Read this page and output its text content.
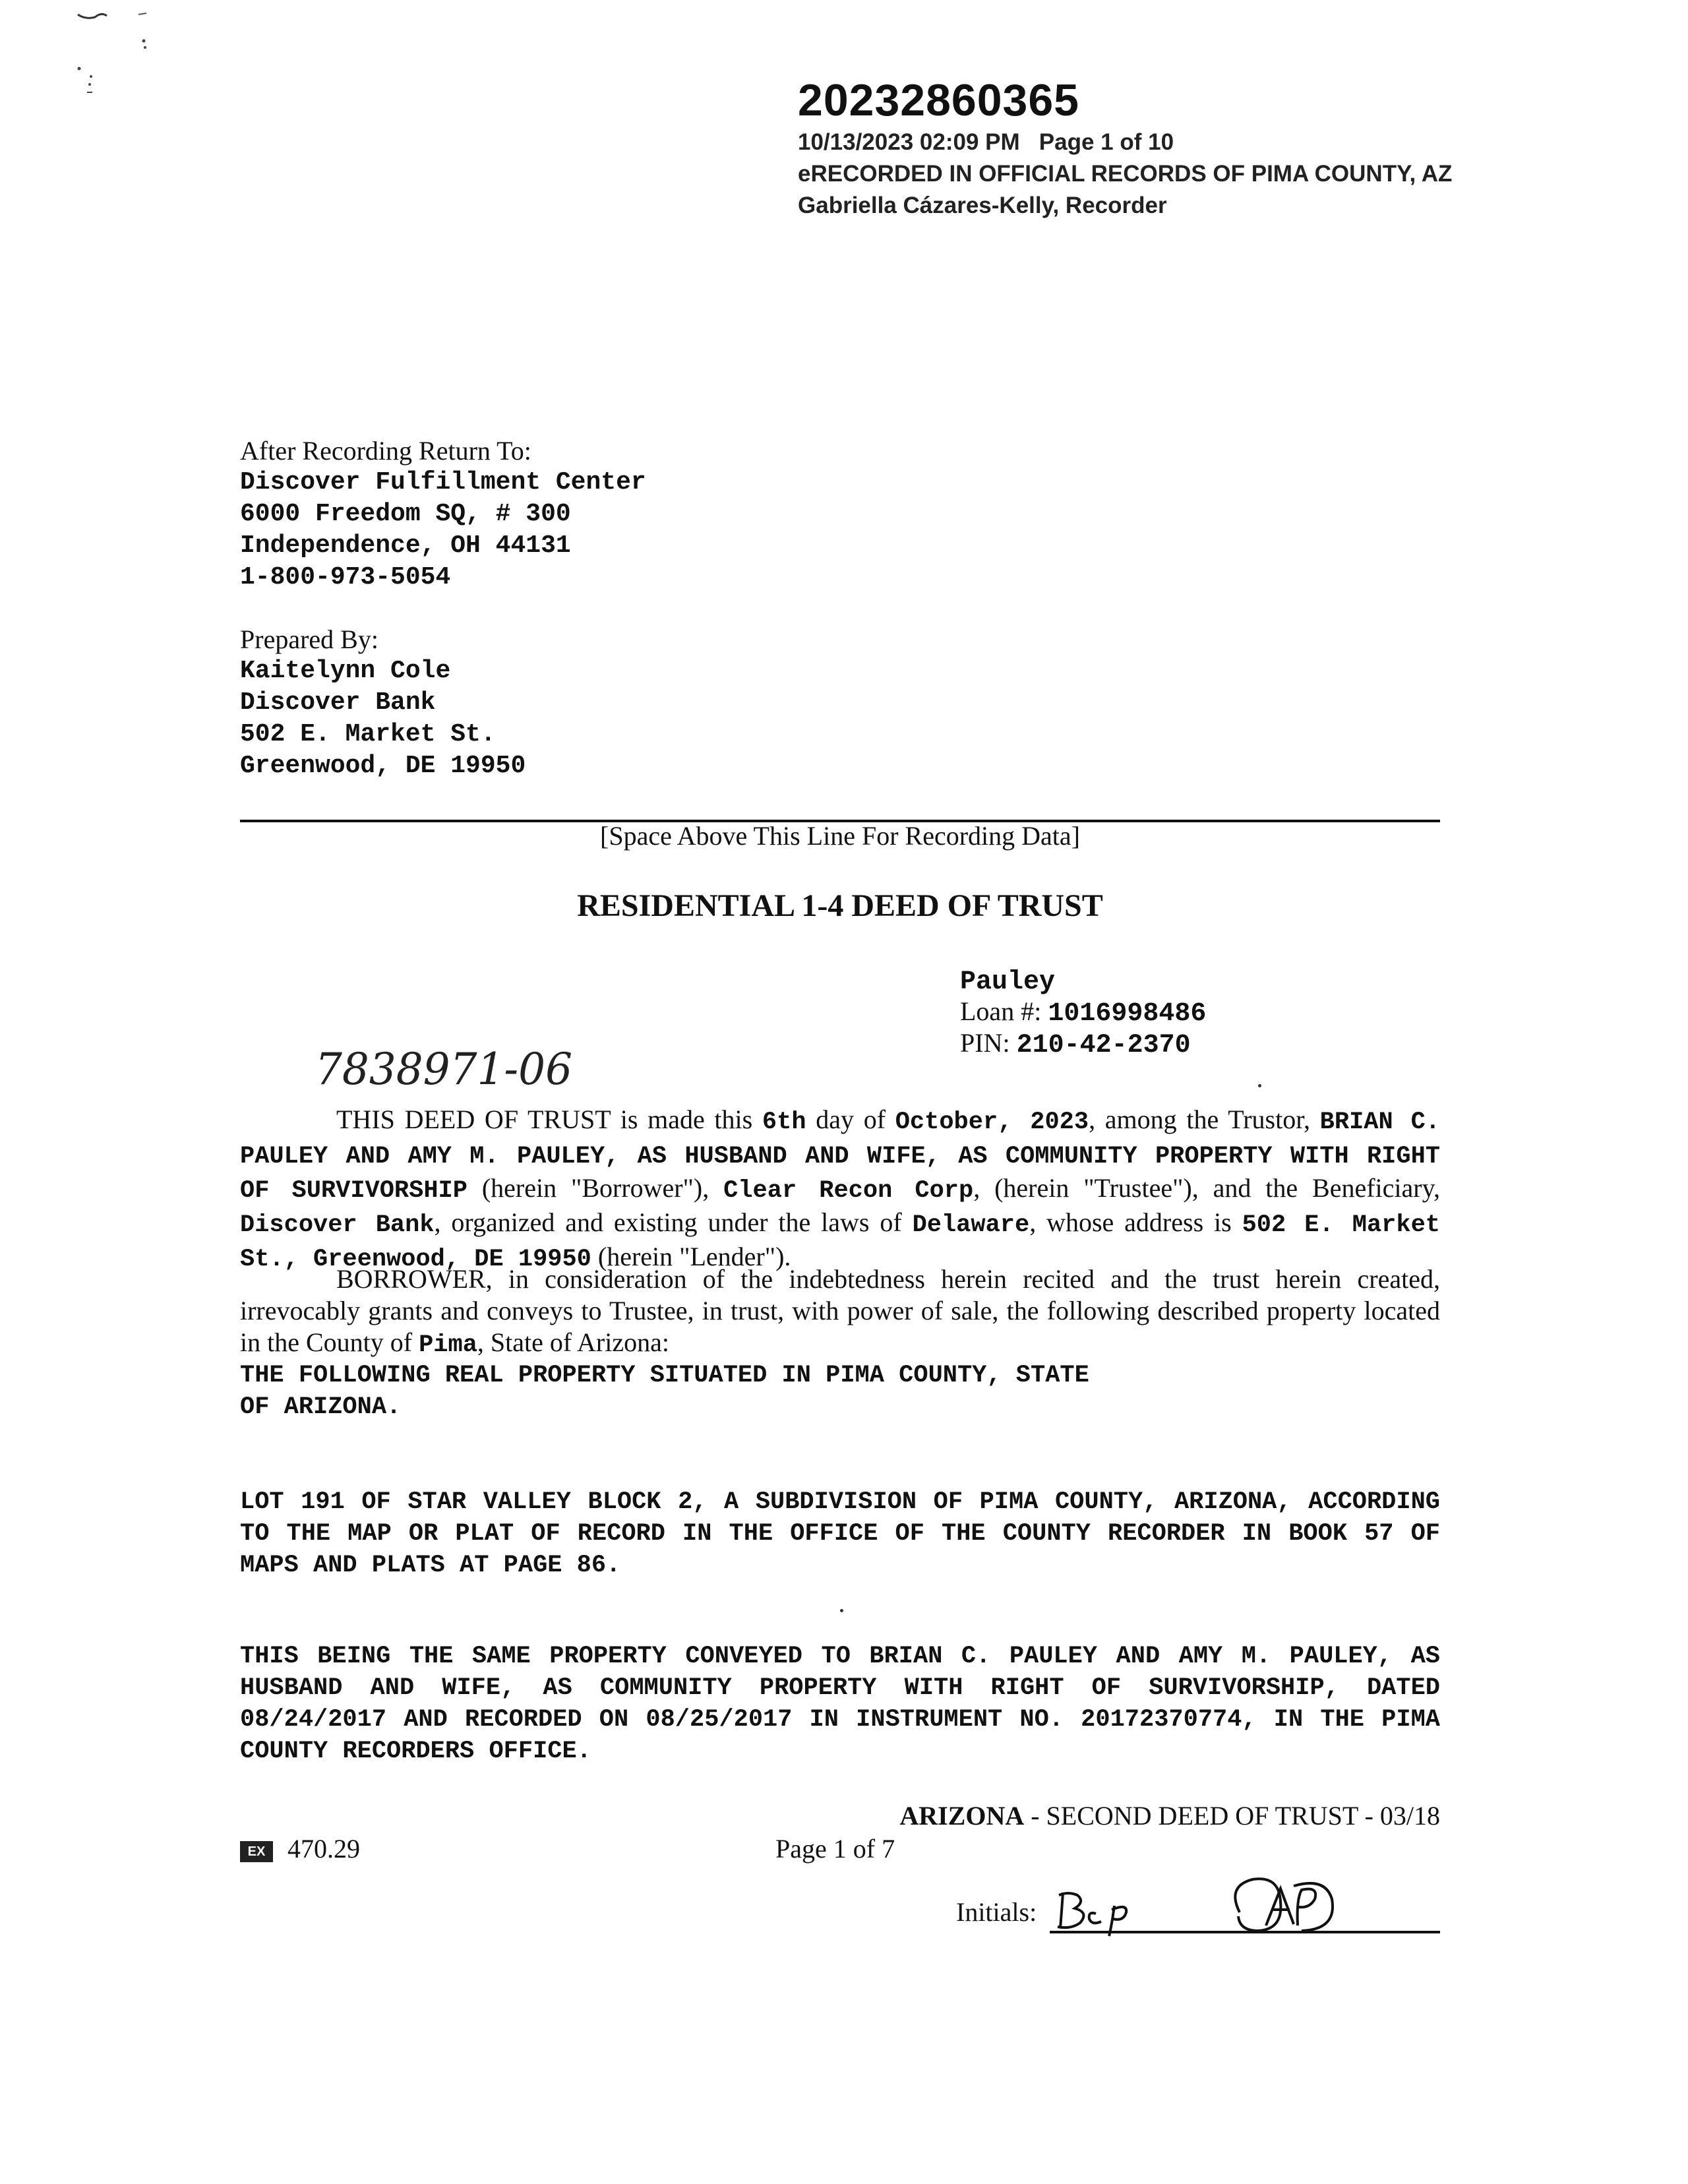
20232860365
10/13/2023 02:09 PM   Page 1 of 10
eRECORDED IN OFFICIAL RECORDS OF PIMA COUNTY, AZ
Gabriella Cázares-Kelly, Recorder
After Recording Return To:
Discover Fulfillment Center
6000 Freedom SQ, # 300
Independence, OH 44131
1-800-973-5054
Prepared By:
Kaitelynn Cole
Discover Bank
502 E. Market St.
Greenwood, DE 19950
[Space Above This Line For Recording Data]
RESIDENTIAL 1-4 DEED OF TRUST
Pauley
Loan #: 1016998486
PIN: 210-42-2370
7838971-06
THIS DEED OF TRUST is made this 6th day of October, 2023, among the Trustor, BRIAN C. PAULEY AND AMY M. PAULEY, AS HUSBAND AND WIFE, AS COMMUNITY PROPERTY WITH RIGHT OF SURVIVORSHIP (herein "Borrower"), Clear Recon Corp, (herein "Trustee"), and the Beneficiary, Discover Bank, organized and existing under the laws of Delaware, whose address is 502 E. Market St., Greenwood, DE 19950 (herein "Lender").
BORROWER, in consideration of the indebtedness herein recited and the trust herein created, irrevocably grants and conveys to Trustee, in trust, with power of sale, the following described property located in the County of Pima, State of Arizona:
THE FOLLOWING REAL PROPERTY SITUATED IN PIMA COUNTY, STATE OF ARIZONA.
LOT 191 OF STAR VALLEY BLOCK 2, A SUBDIVISION OF PIMA COUNTY, ARIZONA, ACCORDING TO THE MAP OR PLAT OF RECORD IN THE OFFICE OF THE COUNTY RECORDER IN BOOK 57 OF MAPS AND PLATS AT PAGE 86.
THIS BEING THE SAME PROPERTY CONVEYED TO BRIAN C. PAULEY AND AMY M. PAULEY, AS HUSBAND AND WIFE, AS COMMUNITY PROPERTY WITH RIGHT OF SURVIVORSHIP, DATED 08/24/2017 AND RECORDED ON 08/25/2017 IN INSTRUMENT NO. 20172370774, IN THE PIMA COUNTY RECORDERS OFFICE.
ARIZONA - SECOND DEED OF TRUST - 03/18
EX 470.29	Page 1 of 7
Initials:
